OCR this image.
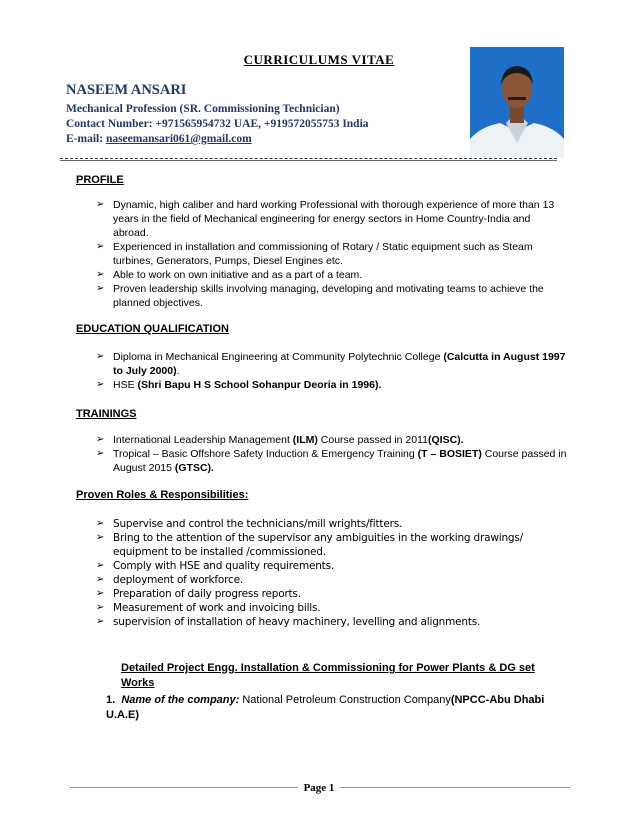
CURRICULUMS VITAE
NASEEM ANSARI
Mechanical Profession (SR. Commissioning Technician)
Contact Number: +971565954732 UAE, +919572055753 India
E-mail: naseemansari061@gmail.com
PROFILE
➢ Dynamic, high caliber and hard working Professional with thorough experience of more than 13 years in the field of Mechanical engineering for energy sectors in Home Country-India and abroad.
➢ Experienced in installation and commissioning of Rotary / Static equipment such as Steam turbines, Generators, Pumps, Diesel Engines etc.
➢ Able to work on own initiative and as a part of a team.
➢ Proven leadership skills involving managing, developing and motivating teams to achieve the planned objectives.
EDUCATION QUALIFICATION
➢ Diploma in Mechanical Engineering at Community Polytechnic College (Calcutta in August 1997 to July 2000).
➢ HSE (Shri Bapu H S School Sohanpur Deoria in 1996).
TRAININGS
➢ International Leadership Management (ILM) Course passed in 2011(QISC).
➢ Tropical – Basic Offshore Safety Induction & Emergency Training (T – BOSIET) Course passed in August 2015 (GTSC).
Proven Roles & Responsibilities:
➢ Supervise and control the technicians/mill wrights/fitters.
➢ Bring to the attention of the supervisor any ambiguities in the working drawings/ equipment to be installed /commissioned.
➢ Comply with HSE and quality requirements.
➢ deployment of workforce.
➢ Preparation of daily progress reports.
➢ Measurement of work and invoicing bills.
➢ supervision of installation of heavy machinery, levelling and alignments.
Detailed Project Engg. Installation & Commissioning for Power Plants & DG set Works
1. Name of the company: National Petroleum Construction Company(NPCC-Abu Dhabi U.A.E)
Page 1
